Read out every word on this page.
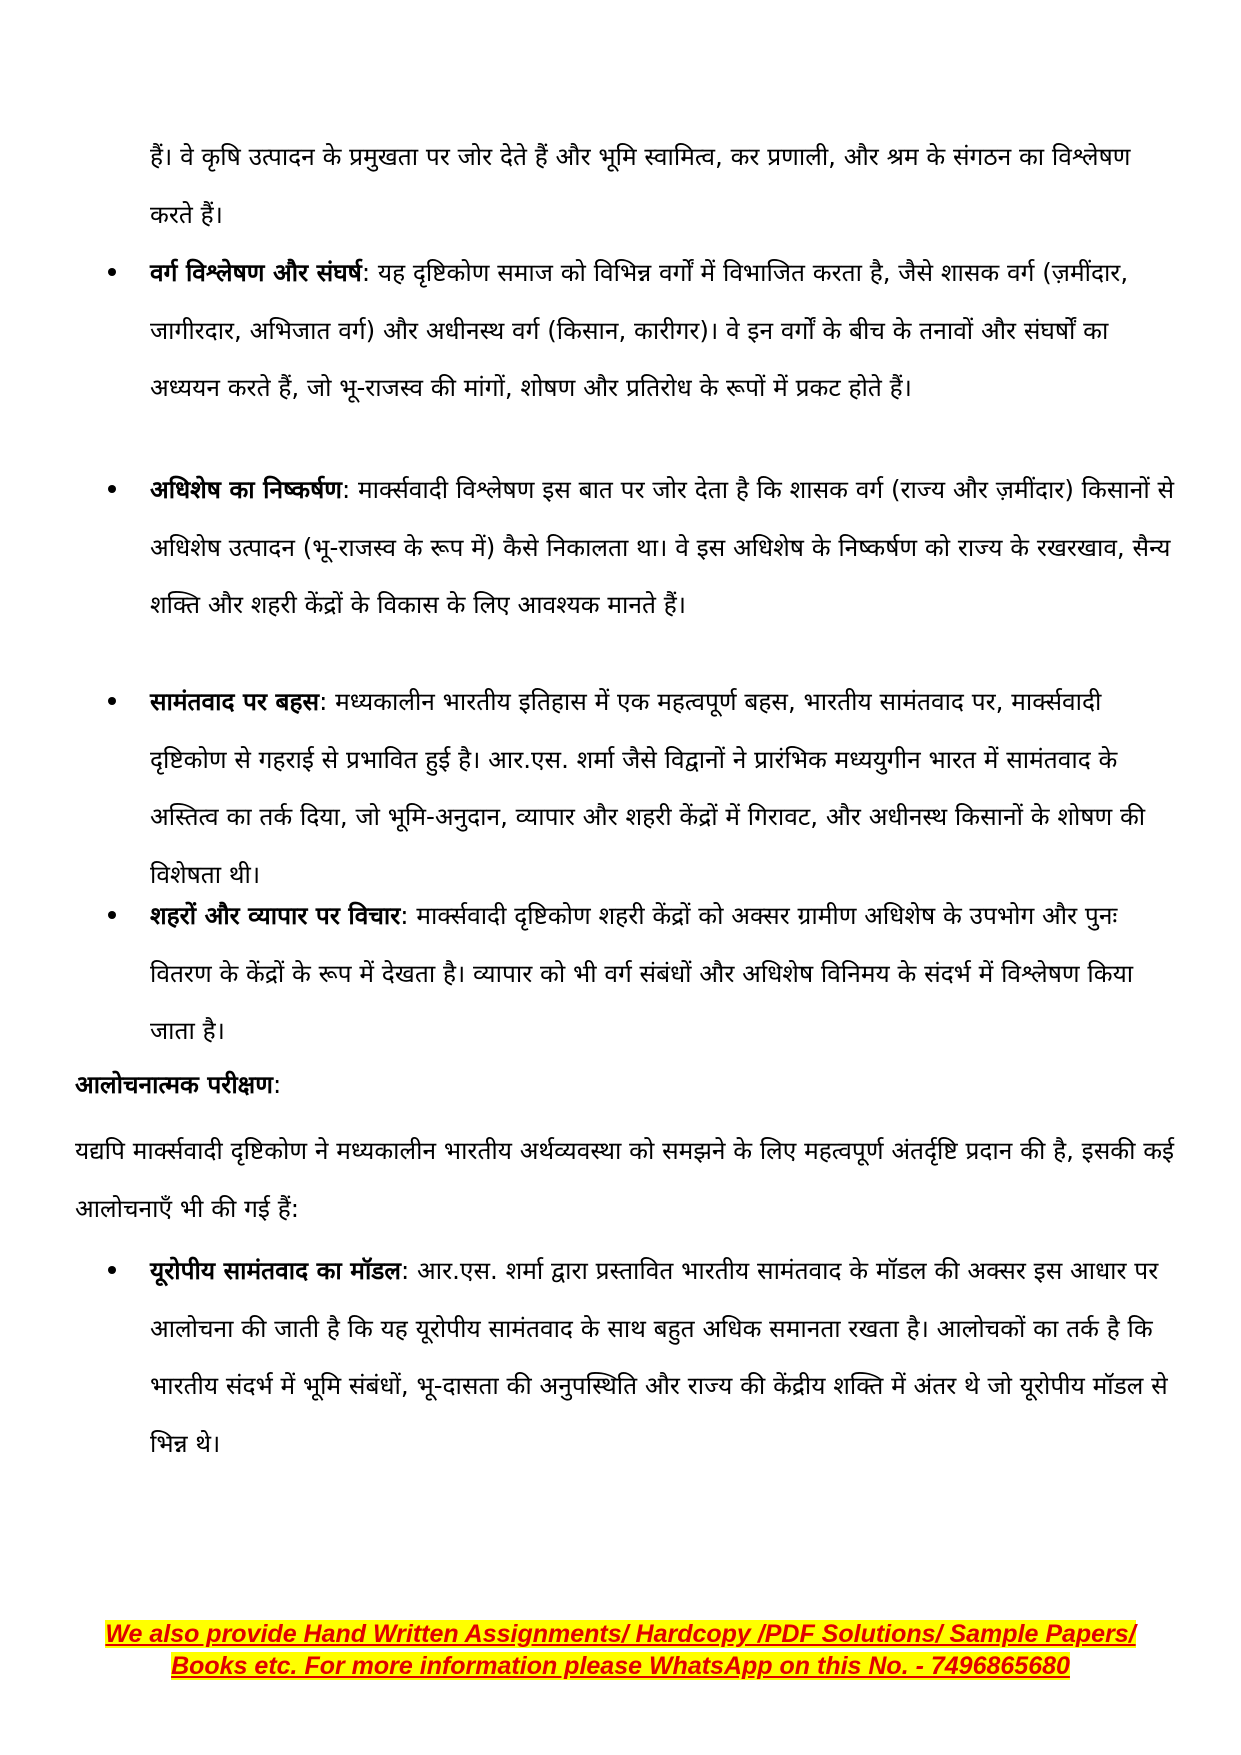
हैं। वे कृषि उत्पादन के प्रमुखता पर जोर देते हैं और भूमि स्वामित्व, कर प्रणाली, और श्रम के संगठन का विश्लेषण करते हैं।

वर्ग विश्लेषण और संघर्ष: यह दृष्टिकोण समाज को विभिन्न वर्गों में विभाजित करता है, जैसे शासक वर्ग (ज़मींदार, जागीरदार, अभिजात वर्ग) और अधीनस्थ वर्ग (किसान, कारीगर)। वे इन वर्गों के बीच के तनावों और संघर्षों का अध्ययन करते हैं, जो भू-राजस्व की मांगों, शोषण और प्रतिरोध के रूपों में प्रकट होते हैं।
अधिशेष का निष्कर्षण: मार्क्सवादी विश्लेषण इस बात पर जोर देता है कि शासक वर्ग (राज्य और ज़मींदार) किसानों से अधिशेष उत्पादन (भू-राजस्व के रूप में) कैसे निकालता था। वे इस अधिशेष के निष्कर्षण को राज्य के रखरखाव, सैन्य शक्ति और शहरी केंद्रों के विकास के लिए आवश्यक मानते हैं।
सामंतवाद पर बहस: मध्यकालीन भारतीय इतिहास में एक महत्वपूर्ण बहस, भारतीय सामंतवाद पर, मार्क्सवादी दृष्टिकोण से गहराई से प्रभावित हुई है। आर.एस. शर्मा जैसे विद्वानों ने प्रारंभिक मध्ययुगीन भारत में सामंतवाद के अस्तित्व का तर्क दिया, जो भूमि-अनुदान, व्यापार और शहरी केंद्रों में गिरावट, और अधीनस्थ किसानों के शोषण की विशेषता थी।
शहरों और व्यापार पर विचार: मार्क्सवादी दृष्टिकोण शहरी केंद्रों को अक्सर ग्रामीण अधिशेष के उपभोग और पुनः वितरण के केंद्रों के रूप में देखता है। व्यापार को भी वर्ग संबंधों और अधिशेष विनिमय के संदर्भ में विश्लेषण किया जाता है।

आलोचनात्मक परीक्षण:

यद्यपि मार्क्सवादी दृष्टिकोण ने मध्यकालीन भारतीय अर्थव्यवस्था को समझने के लिए महत्वपूर्ण अंतर्दृष्टि प्रदान की है, इसकी कई आलोचनाएँ भी की गई हैं:

यूरोपीय सामंतवाद का मॉडल: आर.एस. शर्मा द्वारा प्रस्तावित भारतीय सामंतवाद के मॉडल की अक्सर इस आधार पर आलोचना की जाती है कि यह यूरोपीय सामंतवाद के साथ बहुत अधिक समानता रखता है। आलोचकों का तर्क है कि भारतीय संदर्भ में भूमि संबंधों, भू-दासता की अनुपस्थिति और राज्य की केंद्रीय शक्ति में अंतर थे जो यूरोपीय मॉडल से भिन्न थे।
We also provide Hand Written Assignments/ Hardcopy /PDF Solutions/ Sample Papers/
Books etc. For more information please WhatsApp on this No. - 7496865680
